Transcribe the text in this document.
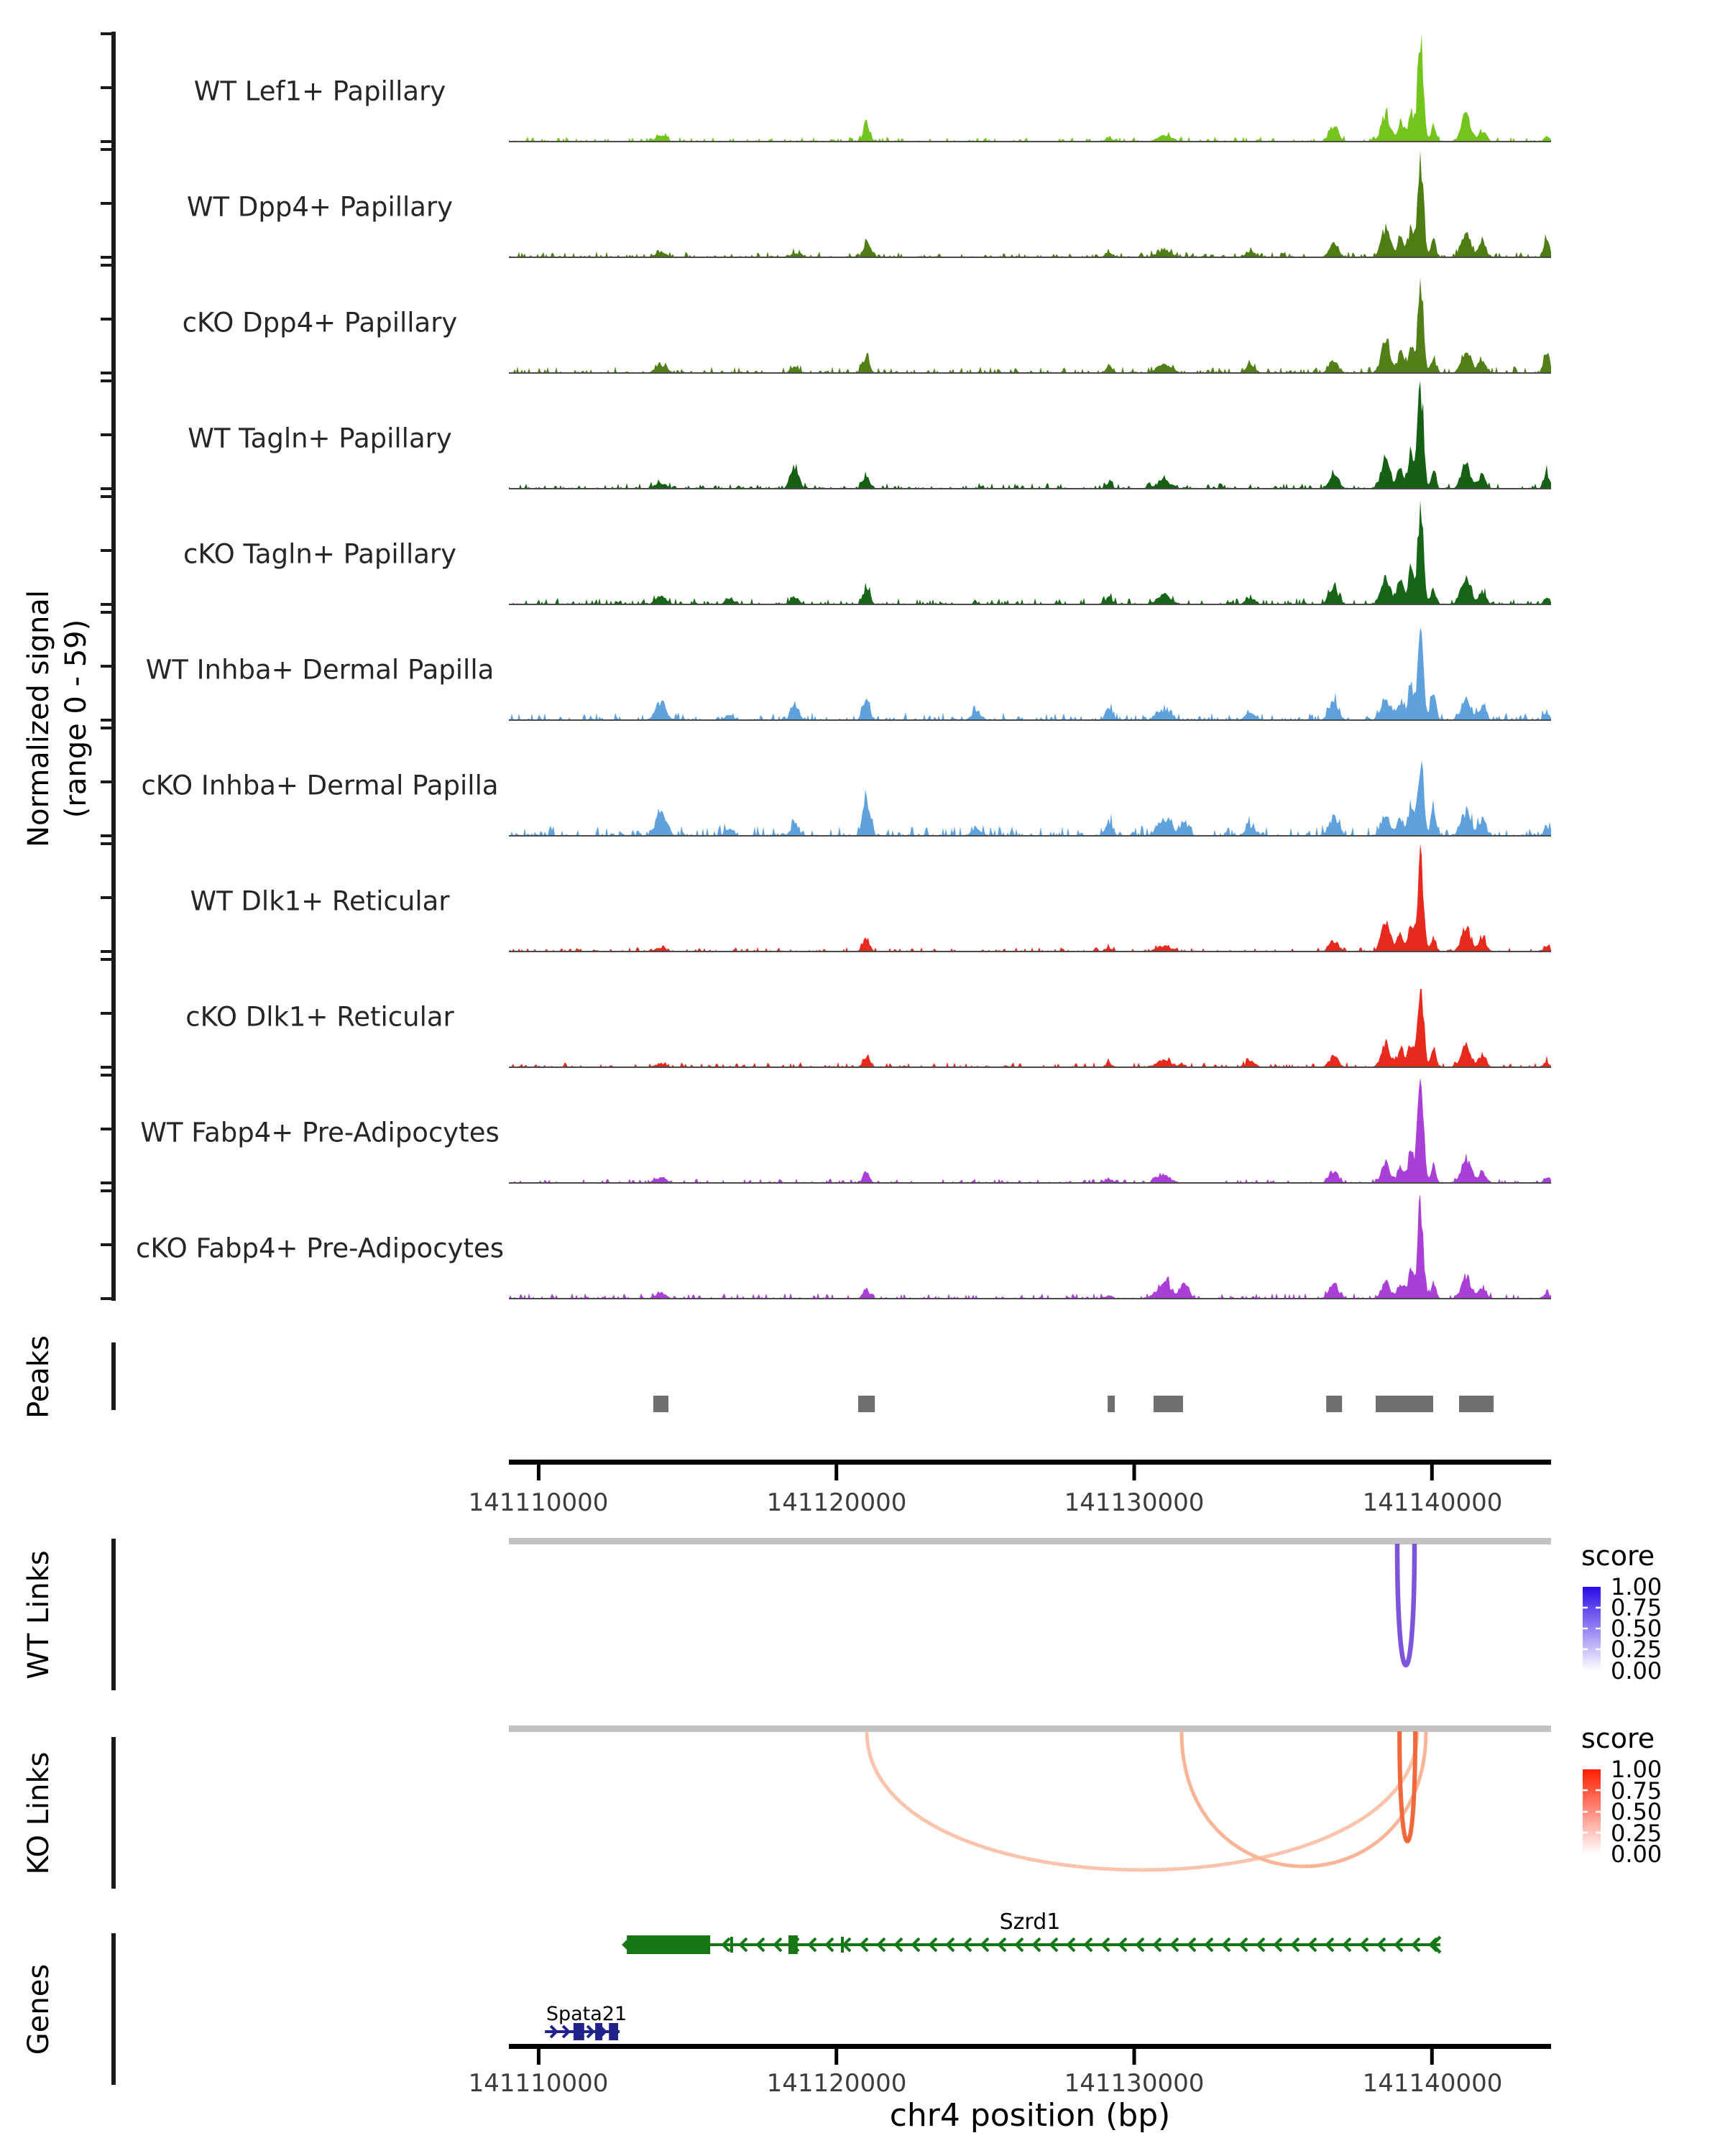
WT Lef1+ Papillary
WT Dpp4+ Papillary
cKO Dpp4+ Papillary
WT Tagln+ Papillary
cKO Tagln+ Papillary
WT Inhba+ Dermal Papilla
cKO Inhba+ Dermal Papilla
WT Dlk1+ Reticular
cKO Dlk1+ Reticular
WT Fabp4+ Pre-Adipocytes
cKO Fabp4+ Pre-Adipocytes
Normalized signal (range 0 - 59)
Peaks
WT Links
KO Links
Genes
141110000	141120000	141130000	141140000
141110000	141120000	141130000	141140000
chr4 position (bp)
score
1.00
0.75
0.50
0.25
0.00
score
1.00
0.75
0.50
0.25
0.00
Szrd1
Spata21
